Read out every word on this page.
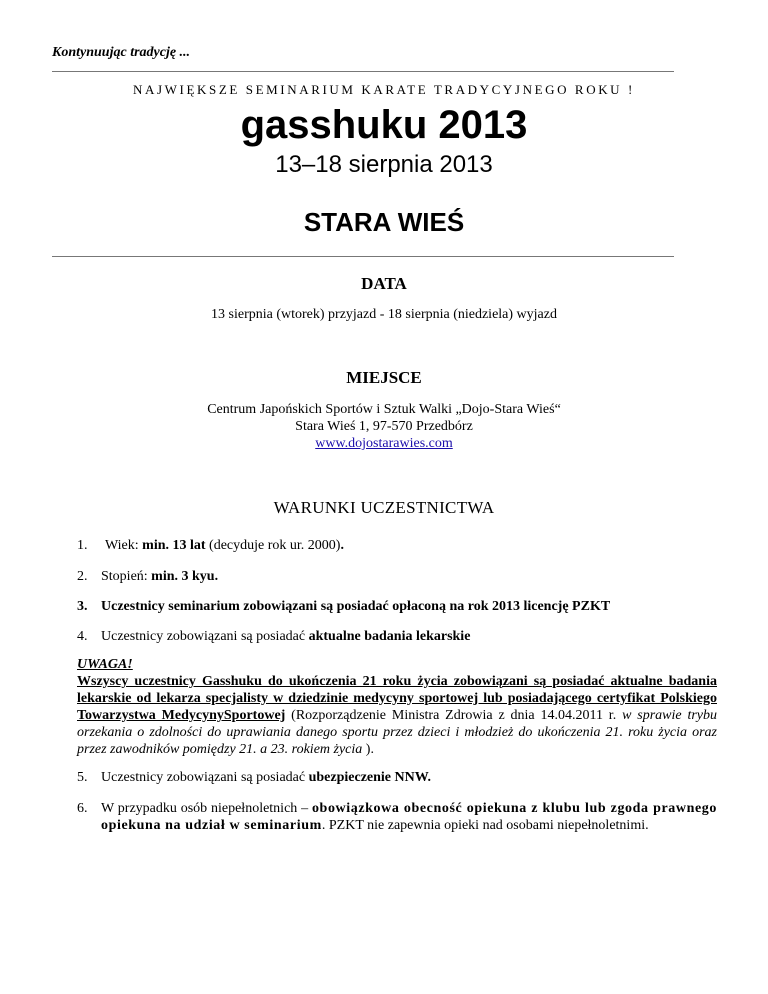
Kontynuując tradycję ...
NAJWIĘKSZE SEMINARIUM KARATE TRADYCYJNEGO ROKU !
gasshuku 2013
13–18 sierpnia 2013
STARA WIEŚ
DATA
13 sierpnia (wtorek) przyjazd - 18 sierpnia (niedziela) wyjazd
MIEJSCE
Centrum Japońskich Sportów i Sztuk Walki „Dojo-Stara Wieś“
Stara Wieś 1, 97-570 Przedbórz
www.dojostarawies.com
WARUNKI UCZESTNICTWA
1.	Wiek: min. 13 lat (decyduje rok ur. 2000).
2. Stopień: min. 3 kyu.
3. Uczestnicy seminarium zobowiązani są posiadać opłaconą na rok 2013 licencję PZKT
4. Uczestnicy zobowiązani są posiadać aktualne badania lekarskie
UWAGA!
Wszyscy uczestnicy Gasshuku do ukończenia 21 roku życia zobowiązani są posiadać aktualne badania lekarskie od lekarza specjalisty w dziedzinie medycyny sportowej lub posiadającego certyfikat Polskiego Towarzystwa MedycynySportowej (Rozporządzenie Ministra Zdrowia z dnia 14.04.2011 r. w sprawie trybu orzekania o zdolności do uprawiania danego sportu przez dzieci i młodzież do ukończenia 21. roku życia oraz przez zawodników pomiędzy 21. a 23. rokiem życia ).
5. Uczestnicy zobowiązani są posiadać ubezpieczenie NNW.
6. W przypadku osób niepełnoletnich – obowiązkowa obecność opiekuna z klubu lub zgoda prawnego opiekuna na udział w seminarium. PZKT nie zapewnia opieki nad osobami niepełnoletnimi.
